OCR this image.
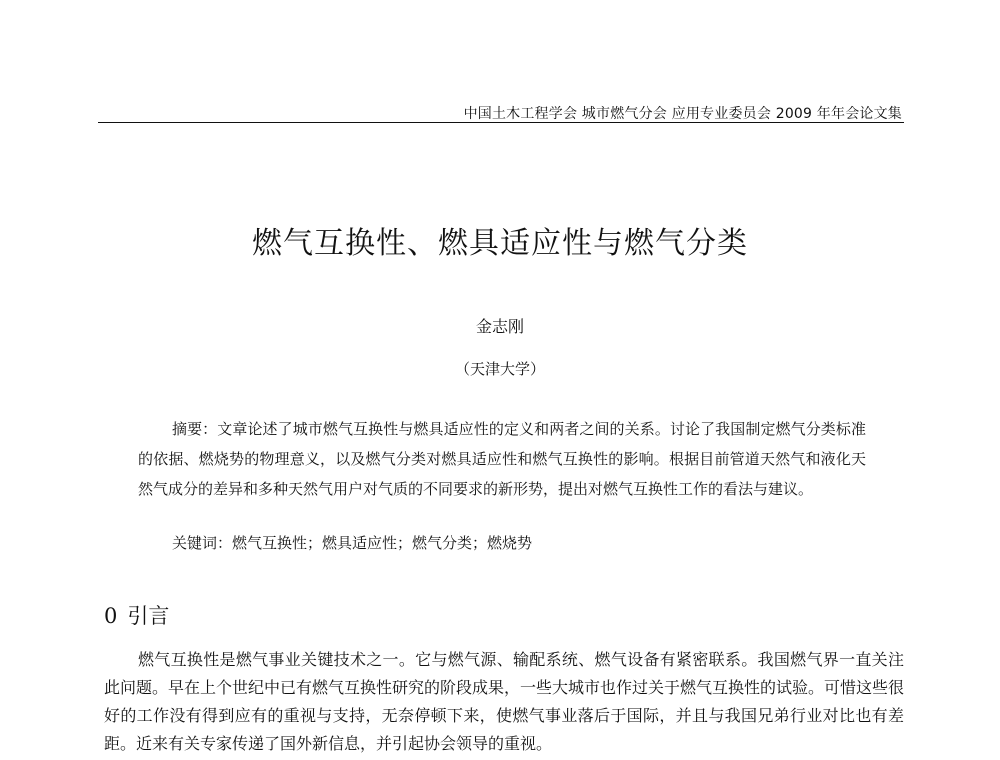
中国土木工程学会 城市燃气分会 应用专业委员会 2009 年年会论文集
燃气互换性、燃具适应性与燃气分类
金志刚
（天津大学）
摘要：文章论述了城市燃气互换性与燃具适应性的定义和两者之间的关系。讨论了我国制定燃气分类标准的依据、燃烧势的物理意义，以及燃气分类对燃具适应性和燃气互换性的影响。根据目前管道天然气和液化天然气成分的差异和多种天然气用户对气质的不同要求的新形势，提出对燃气互换性工作的看法与建议。
关键词：燃气互换性；燃具适应性；燃气分类；燃烧势
0 引言
燃气互换性是燃气事业关键技术之一。它与燃气源、输配系统、燃气设备有紧密联系。我国燃气界一直关注此问题。早在上个世纪中已有燃气互换性研究的阶段成果，一些大城市也作过关于燃气互换性的试验。可惜这些很好的工作没有得到应有的重视与支持，无奈停顿下来，使燃气事业落后于国际，并且与我国兄弟行业对比也有差距。近来有关专家传递了国外新信息，并引起协会领导的重视。
